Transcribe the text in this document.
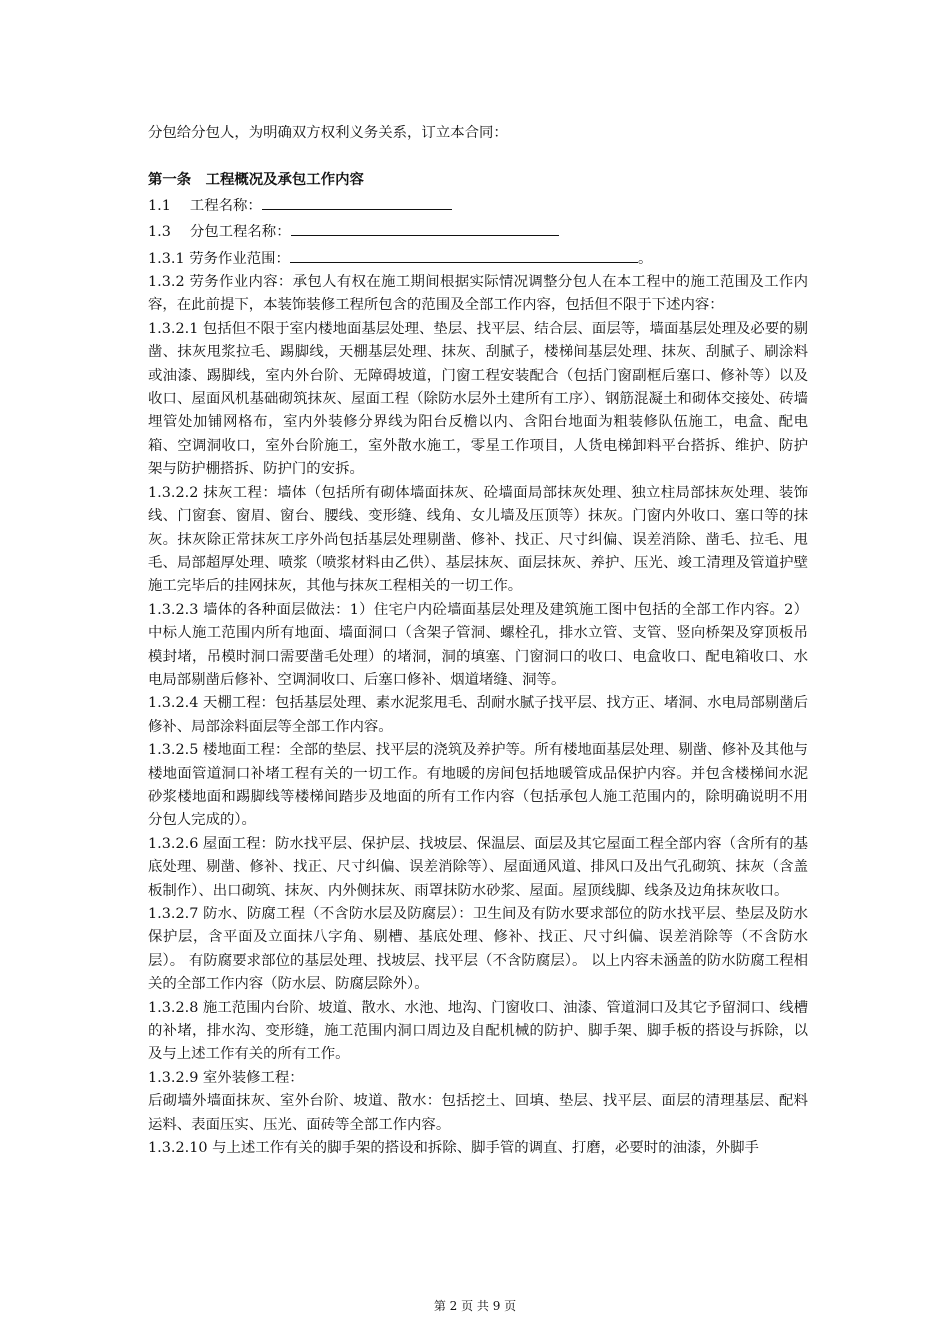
分包给分包人，为明确双方权利义务关系，订立本合同：

第一条　工程概况及承包工作内容

1.1　 工程名称：

1.3　 分包工程名称：

1.3.1 劳务作业范围：	。

1.3.2 劳务作业内容：承包人有权在施工期间根据实际情况调整分包人在本工程中的施工范围及工作内容，在此前提下，本装饰装修工程所包含的范围及全部工作内容，包括但不限于下述内容：

1.3.2.1 包括但不限于室内楼地面基层处理、垫层、找平层、结合层、面层等，墙面基层处理及必要的剔凿、抹灰甩浆拉毛、踢脚线，天棚基层处理、抹灰、刮腻子，楼梯间基层处理、抹灰、刮腻子、刷涂料或油漆、踢脚线，室内外台阶、无障碍坡道，门窗工程安装配合（包括门窗副框后塞口、修补等）以及收口、屋面风机基础砌筑抹灰、屋面工程（除防水层外土建所有工序）、钢筋混凝土和砌体交接处、砖墙埋管处加铺网格布，室内外装修分界线为阳台反檐以内、含阳台地面为粗装修队伍施工，电盒、配电箱、空调洞收口，室外台阶施工，室外散水施工，零星工作项目，人货电梯卸料平台搭拆、维护、防护架与防护棚搭拆、防护门的安拆。

1.3.2.2 抹灰工程：墙体（包括所有砌体墙面抹灰、砼墙面局部抹灰处理、独立柱局部抹灰处理、装饰线、门窗套、窗眉、窗台、腰线、变形缝、线角、女儿墙及压顶等）抹灰。门窗内外收口、塞口等的抹灰。抹灰除正常抹灰工序外尚包括基层处理剔凿、修补、找正、尺寸纠偏、误差消除、凿毛、拉毛、甩毛、局部超厚处理、喷浆（喷浆材料由乙供）、基层抹灰、面层抹灰、养护、压光、竣工清理及管道护壁施工完毕后的挂网抹灰，其他与抹灰工程相关的一切工作。

1.3.2.3 墙体的各种面层做法：1）住宅户内砼墙面基层处理及建筑施工图中包括的全部工作内容。2）中标人施工范围内所有地面、墙面洞口（含架子管洞、螺栓孔，排水立管、支管、竖向桥架及穿顶板吊模封堵，吊模时洞口需要凿毛处理）的堵洞，洞的填塞、门窗洞口的收口、电盒收口、配电箱收口、水电局部剔凿后修补、空调洞收口、后塞口修补、烟道堵缝、洞等。

1.3.2.4 天棚工程：包括基层处理、素水泥浆甩毛、刮耐水腻子找平层、找方正、堵洞、水电局部剔凿后修补、局部涂料面层等全部工作内容。

1.3.2.5 楼地面工程：全部的垫层、找平层的浇筑及养护等。所有楼地面基层处理、剔凿、修补及其他与楼地面管道洞口补堵工程有关的一切工作。有地暖的房间包括地暖管成品保护内容。并包含楼梯间水泥砂浆楼地面和踢脚线等楼梯间踏步及地面的所有工作内容（包括承包人施工范围内的，除明确说明不用分包人完成的）。

1.3.2.6 屋面工程：防水找平层、保护层、找坡层、保温层、面层及其它屋面工程全部内容（含所有的基底处理、剔凿、修补、找正、尺寸纠偏、误差消除等）、屋面通风道、排风口及出气孔砌筑、抹灰（含盖板制作）、出口砌筑、抹灰、内外侧抹灰、雨罩抹防水砂浆、屋面。屋顶线脚、线条及边角抹灰收口。

1.3.2.7 防水、防腐工程（不含防水层及防腐层）：卫生间及有防水要求部位的防水找平层、垫层及防水保护层，含平面及立面抹八字角、剔槽、基底处理、修补、找正、尺寸纠偏、误差消除等（不含防水层）。 有防腐要求部位的基层处理、找坡层、找平层（不含防腐层）。 以上内容未涵盖的防水防腐工程相关的全部工作内容（防水层、防腐层除外）。

1.3.2.8 施工范围内台阶、坡道、散水、水池、地沟、门窗收口、油漆、管道洞口及其它予留洞口、线槽的补堵，排水沟、变形缝，施工范围内洞口周边及自配机械的防护、脚手架、脚手板的搭设与拆除，以及与上述工作有关的所有工作。

1.3.2.9 室外装修工程：

后砌墙外墙面抹灰、室外台阶、坡道、散水：包括挖土、回填、垫层、找平层、面层的清理基层、配料运料、表面压实、压光、面砖等全部工作内容。

1.3.2.10 与上述工作有关的脚手架的搭设和拆除、脚手管的调直、打磨，必要时的油漆，外脚手

第 2 页 共 9 页
